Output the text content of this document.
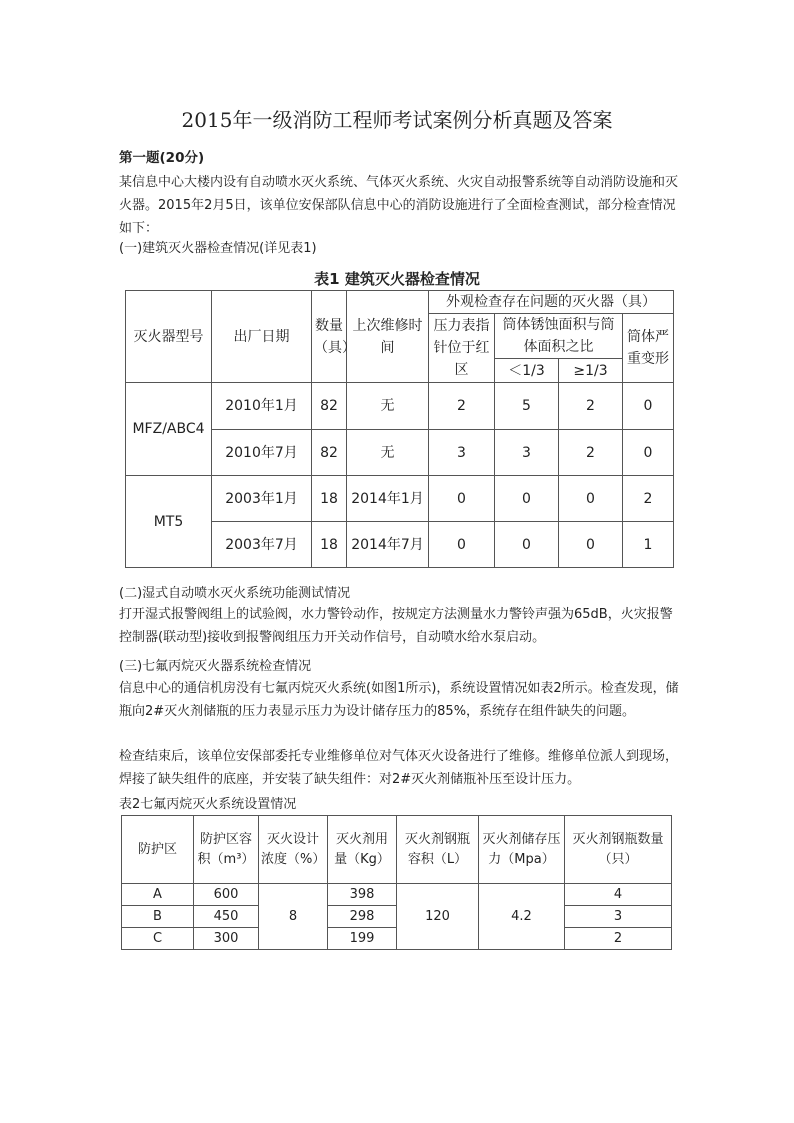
2015年一级消防工程师考试案例分析真题及答案
第一题(20分)
某信息中心大楼内设有自动喷水灭火系统、气体灭火系统、火灾自动报警系统等自动消防设施和灭火器。2015年2月5日，该单位安保部队信息中心的消防设施进行了全面检查测试，部分检查情况如下：
(一)建筑灭火器检查情况(详见表1)
表1 建筑灭火器检查情况
灭火器型号	出厂日期	数量（具）	上次维修时间	外观检查存在问题的灭火器（具）			
				压力表指针位于红区	筒体锈蚀面积与筒体面积之比		筒体严重变形
					＜1/3	≥1/3	
MFZ/ABC4	2010年1月	82	无	2	5	2	0
	2010年7月	82	无	3	3	2	0
MT5	2003年1月	18	2014年1月	0	0	0	2
	2003年7月	18	2014年7月	0	0	0	1
(二)湿式自动喷水灭火系统功能测试情况
打开湿式报警阀组上的试验阀，水力警铃动作，按规定方法测量水力警铃声强为65dB，火灾报警控制器(联动型)接收到报警阀组压力开关动作信号，自动喷水给水泵启动。
(三)七氟丙烷灭火器系统检查情况
信息中心的通信机房没有七氟丙烷灭火系统(如图1所示)，系统设置情况如表2所示。检查发现，储瓶向2#灭火剂储瓶的压力表显示压力为设计储存压力的85%，系统存在组件缺失的问题。
检查结束后，该单位安保部委托专业维修单位对气体灭火设备进行了维修。维修单位派人到现场，焊接了缺失组件的底座，并安装了缺失组件：对2#灭火剂储瓶补压至设计压力。
表2七氟丙烷灭火系统设置情况
防护区	防护区容积（m³）	灭火设计浓度（%）	灭火剂用量（Kg）	灭火剂钢瓶容积（L）	灭火剂储存压力（Mpa）	灭火剂钢瓶数量（只）
A	600	8	398	120	4.2	4
B	450		298			3
C	300		199			2
